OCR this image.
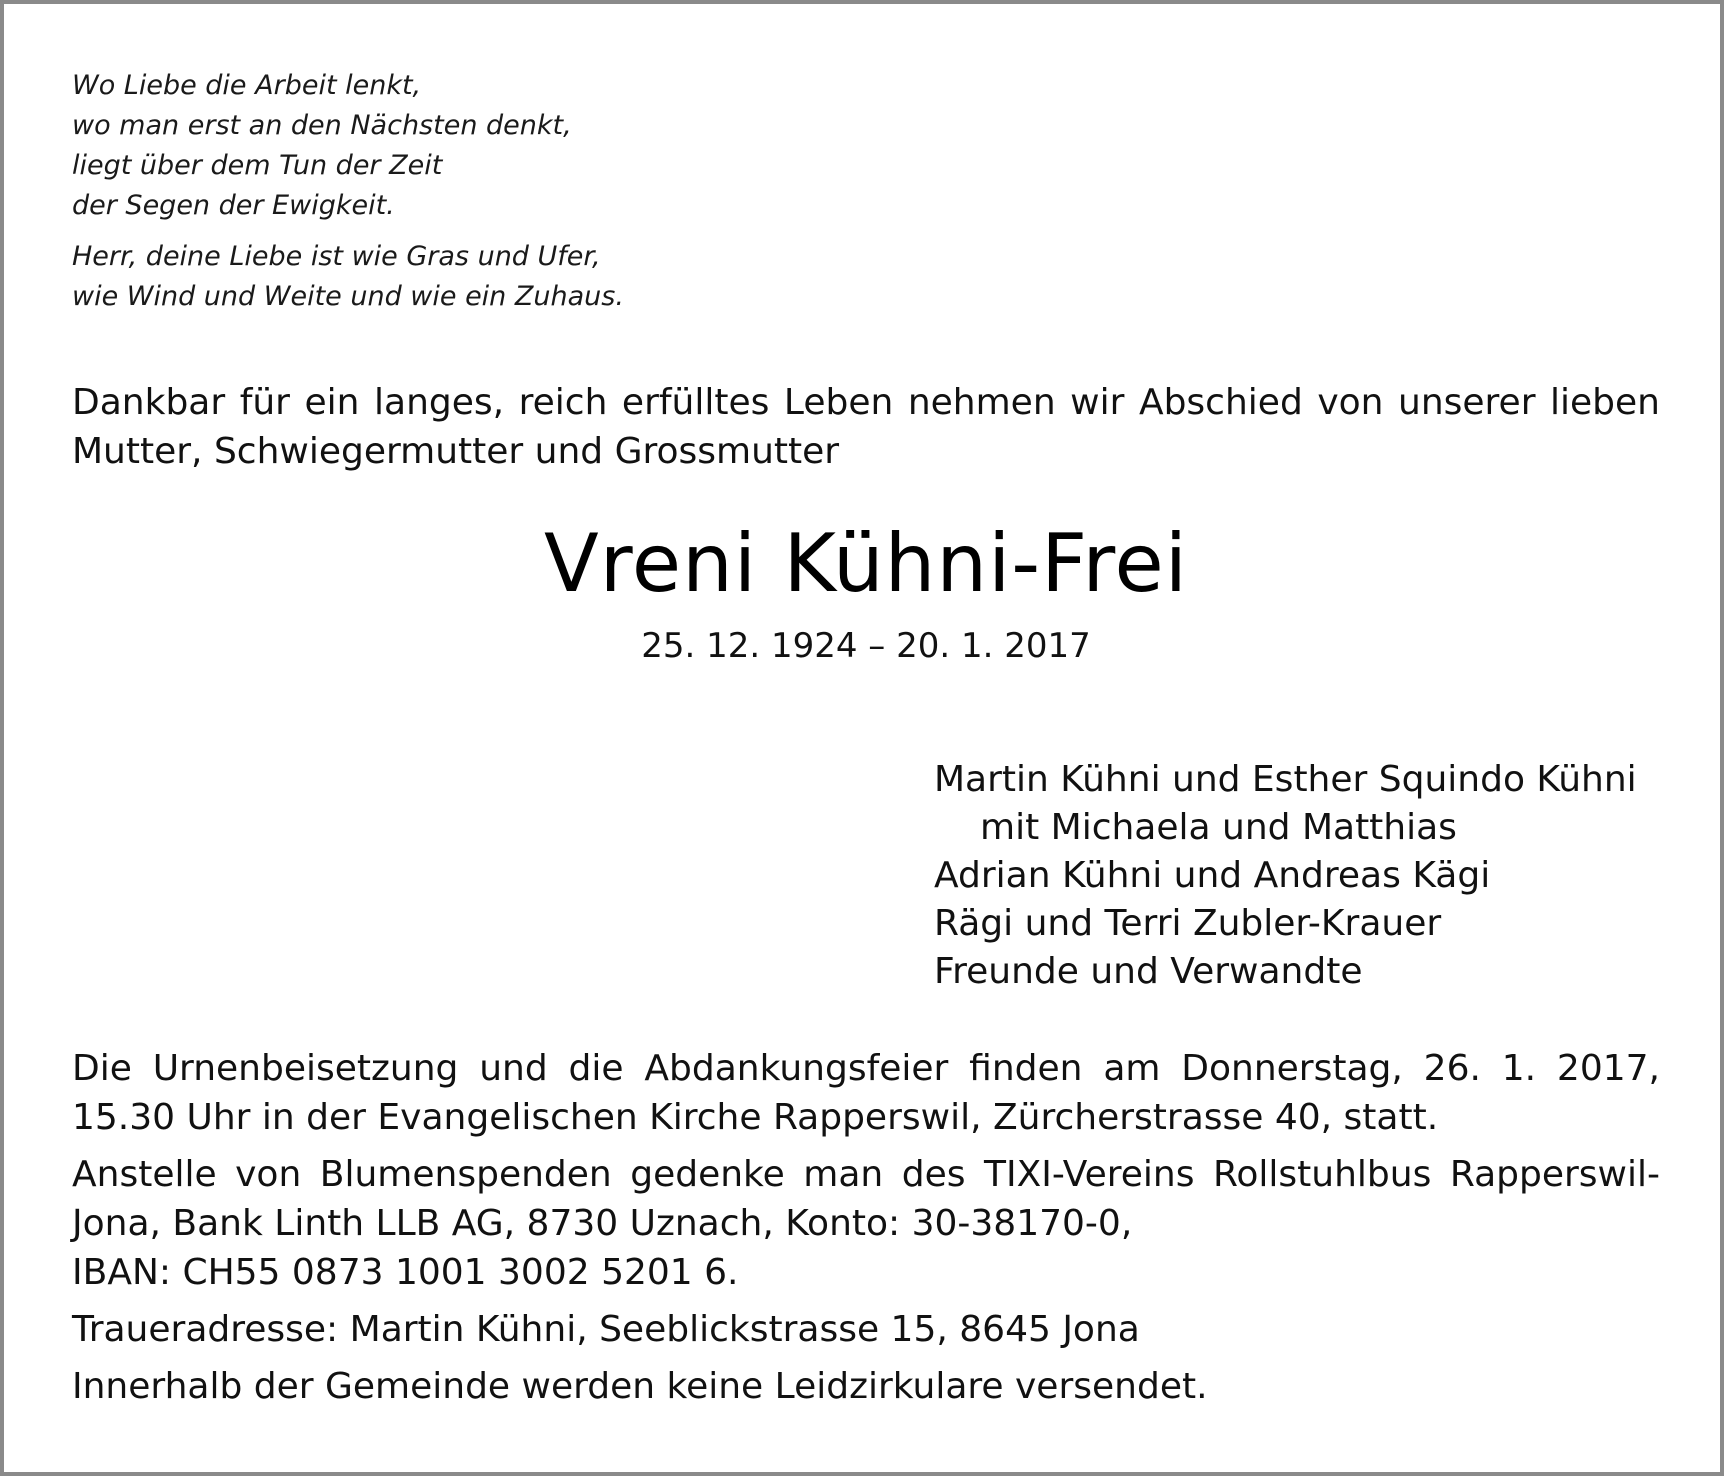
Wo Liebe die Arbeit lenkt,
wo man erst an den Nächsten denkt,
liegt über dem Tun der Zeit
der Segen der Ewigkeit.

Herr, deine Liebe ist wie Gras und Ufer,
wie Wind und Weite und wie ein Zuhaus.

Dankbar für ein langes, reich erfülltes Leben nehmen wir Abschied von unserer lieben Mutter, Schwiegermutter und Grossmutter
Vreni Kühni-Frei
25. 12. 1924 – 20. 1. 2017
Martin Kühni und Esther Squindo Kühni
mit Michaela und Matthias
Adrian Kühni und Andreas Kägi
Rägi und Terri Zubler-Krauer
Freunde und Verwandte

Die Urnenbeisetzung und die Abdankungsfeier finden am Donnerstag, 26. 1. 2017, 15.30 Uhr in der Evangelischen Kirche Rapperswil, Zürcherstrasse 40, statt.

Anstelle von Blumenspenden gedenke man des TIXI-Vereins Rollstuhlbus Rapperswil-Jona, Bank Linth LLB AG, 8730 Uznach, Konto: 30-38170-0,
IBAN: CH55 0873 1001 3002 5201 6.

Traueradresse: Martin Kühni, Seeblickstrasse 15, 8645 Jona

Innerhalb der Gemeinde werden keine Leidzirkulare versendet.
